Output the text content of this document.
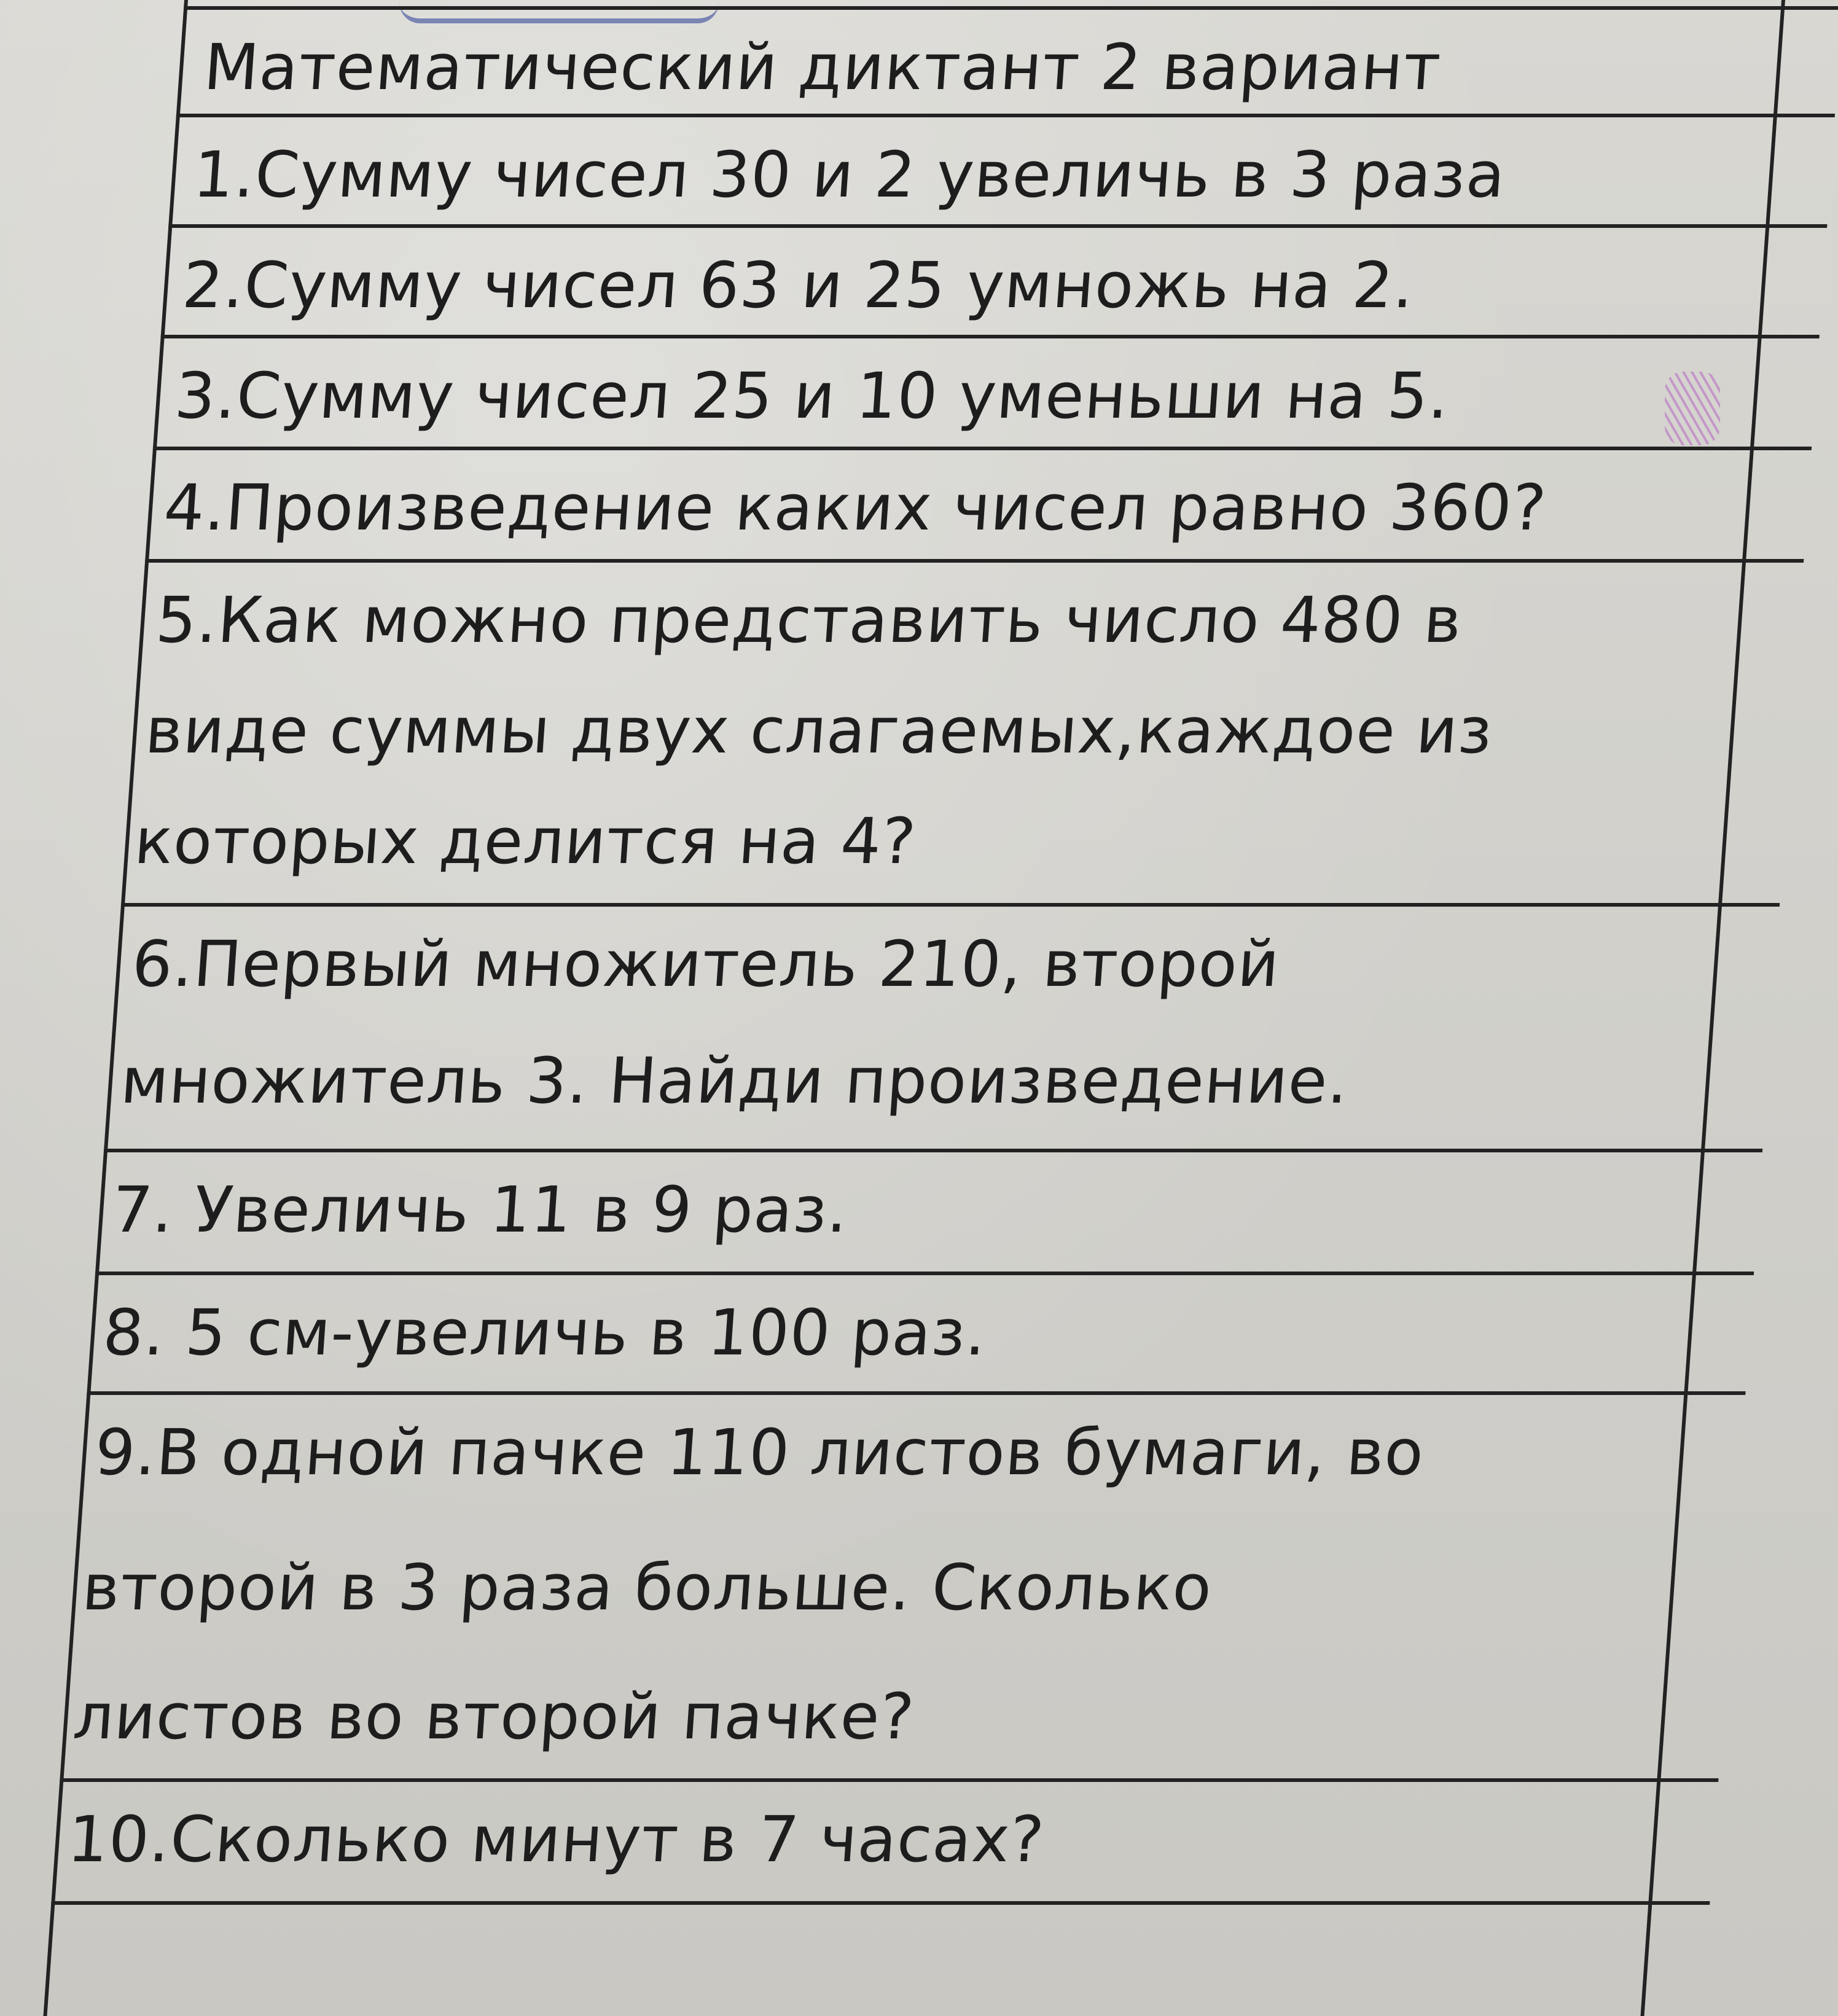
Математический диктант 2 вариант
1.Сумму чисел 30 и 2 увеличь в 3 раза
2.Сумму чисел 63 и 25 умножь на 2.
3.Сумму чисел 25 и 10 уменьши на 5.
4.Произведение каких чисел равно 360?
5.Как можно представить число 480 в
виде суммы двух слагаемых,каждое из
которых делится на 4?
6.Первый множитель 210, второй
множитель 3. Найди произведение.
7. Увеличь 11 в 9 раз.
8. 5 см-увеличь в 100 раз.
9.В одной пачке 110 листов бумаги, во
второй в 3 раза больше. Сколько
листов во второй пачке?
10.Сколько минут в 7 часах?
